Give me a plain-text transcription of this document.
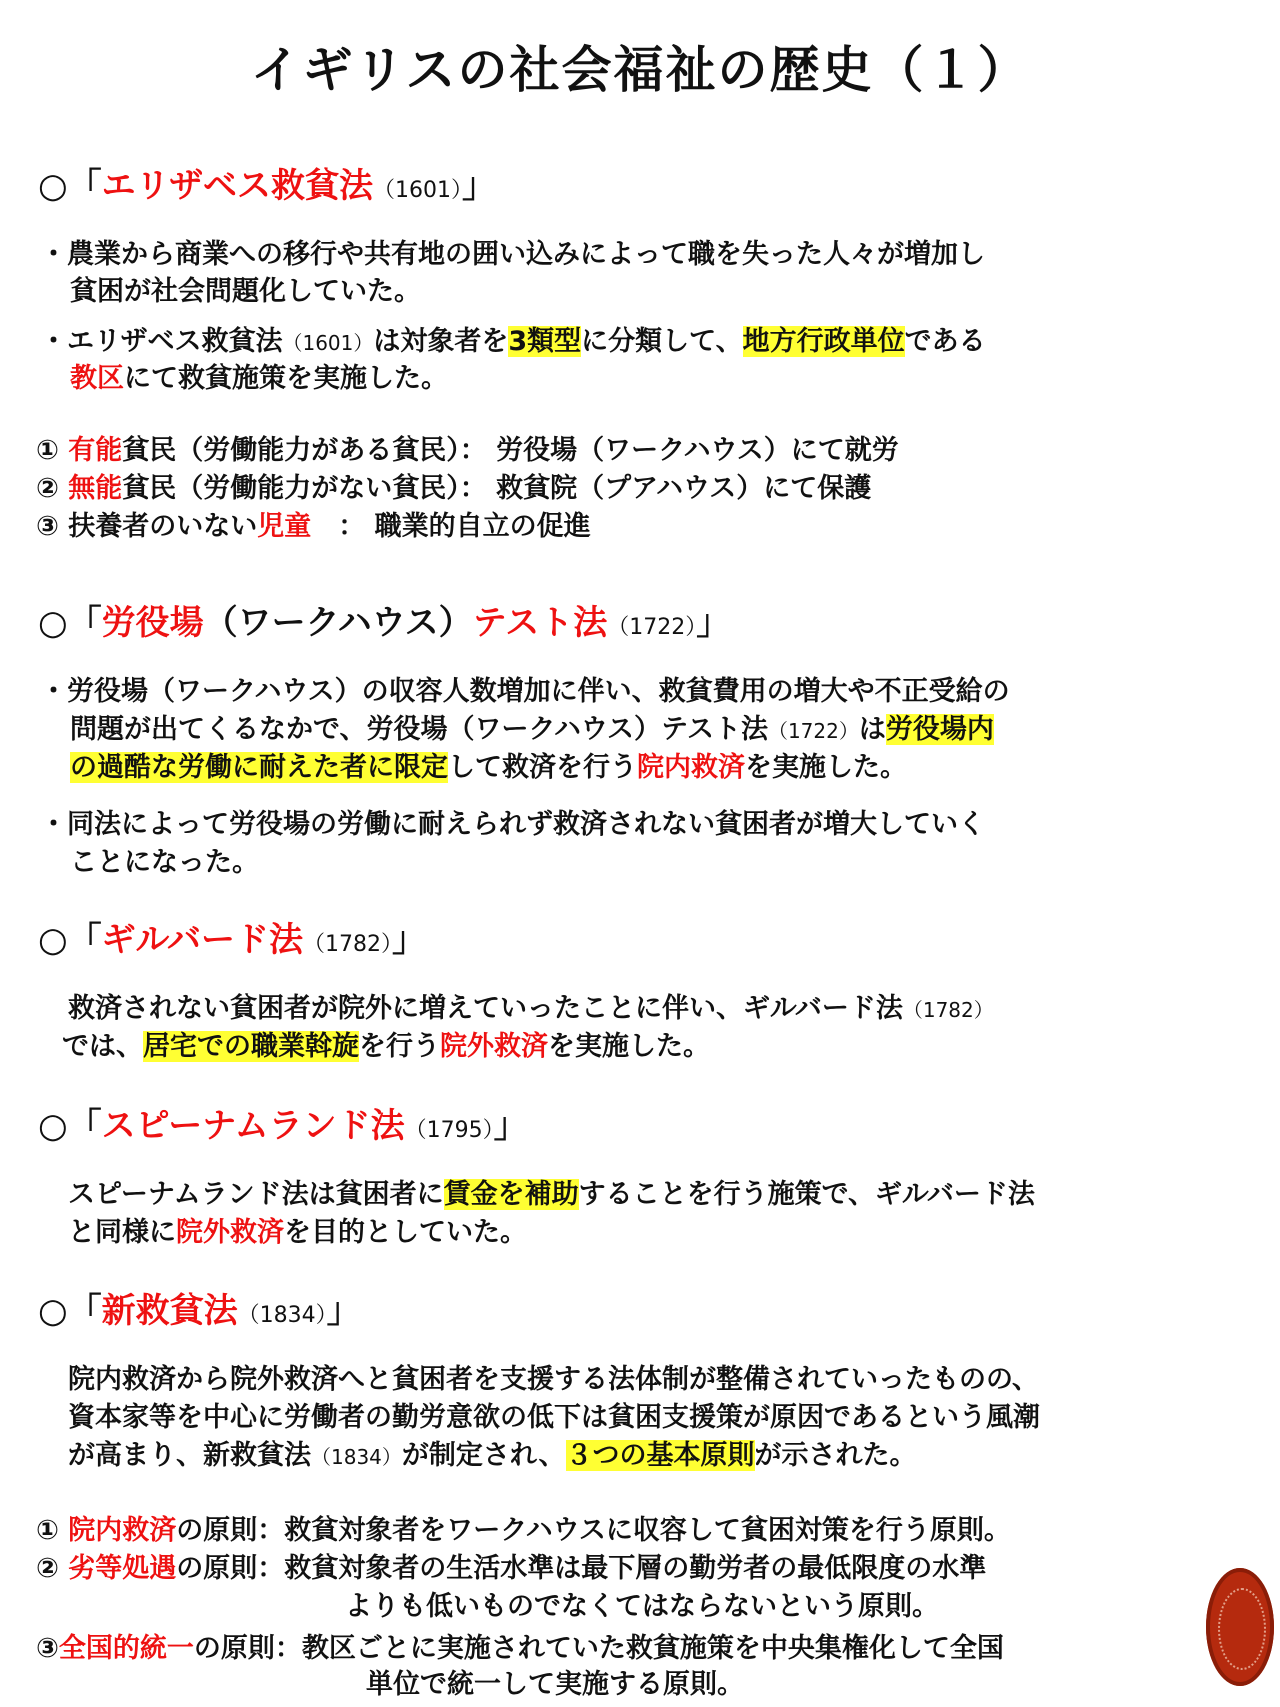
イギリスの社会福祉の歴史（１）
○「エリザベス救貧法（1601）」
・農業から商業への移行や共有地の囲い込みによって職を失った人々が増加し
貧困が社会問題化していた。
・エリザベス救貧法（1601）は対象者を3類型に分類して、地方行政単位である
教区にて救貧施策を実施した。
① 有能貧民（労働能力がある貧民）： 労役場（ワークハウス）にて就労
② 無能貧民（労働能力がない貧民）： 救貧院（プアハウス）にて保護
③ 扶養者のいない児童　： 職業的自立の促進
○「労役場（ワークハウス）テスト法（1722）」
・労役場（ワークハウス）の収容人数増加に伴い、救貧費用の増大や不正受給の
問題が出てくるなかで、労役場（ワークハウス）テスト法（1722）は労役場内
の過酷な労働に耐えた者に限定して救済を行う院内救済を実施した。
・同法によって労役場の労働に耐えられず救済されない貧困者が増大していく
ことになった。
○「ギルバード法（1782）」
救済されない貧困者が院外に増えていったことに伴い、ギルバード法（1782）
では、居宅での職業斡旋を行う院外救済を実施した。
○「スピーナムランド法（1795）」
スピーナムランド法は貧困者に賃金を補助することを行う施策で、ギルバード法
と同様に院外救済を目的としていた。
○「新救貧法（1834）」
院内救済から院外救済へと貧困者を支援する法体制が整備されていったものの、
資本家等を中心に労働者の勤労意欲の低下は貧困支援策が原因であるという風潮
が高まり、新救貧法（1834）が制定され、３つの基本原則が示された。
① 院内救済の原則：救貧対象者をワークハウスに収容して貧困対策を行う原則。
② 劣等処遇の原則：救貧対象者の生活水準は最下層の勤労者の最低限度の水準
よりも低いものでなくてはならないという原則。
③全国的統一の原則：教区ごとに実施されていた救貧施策を中央集権化して全国
単位で統一して実施する原則。
